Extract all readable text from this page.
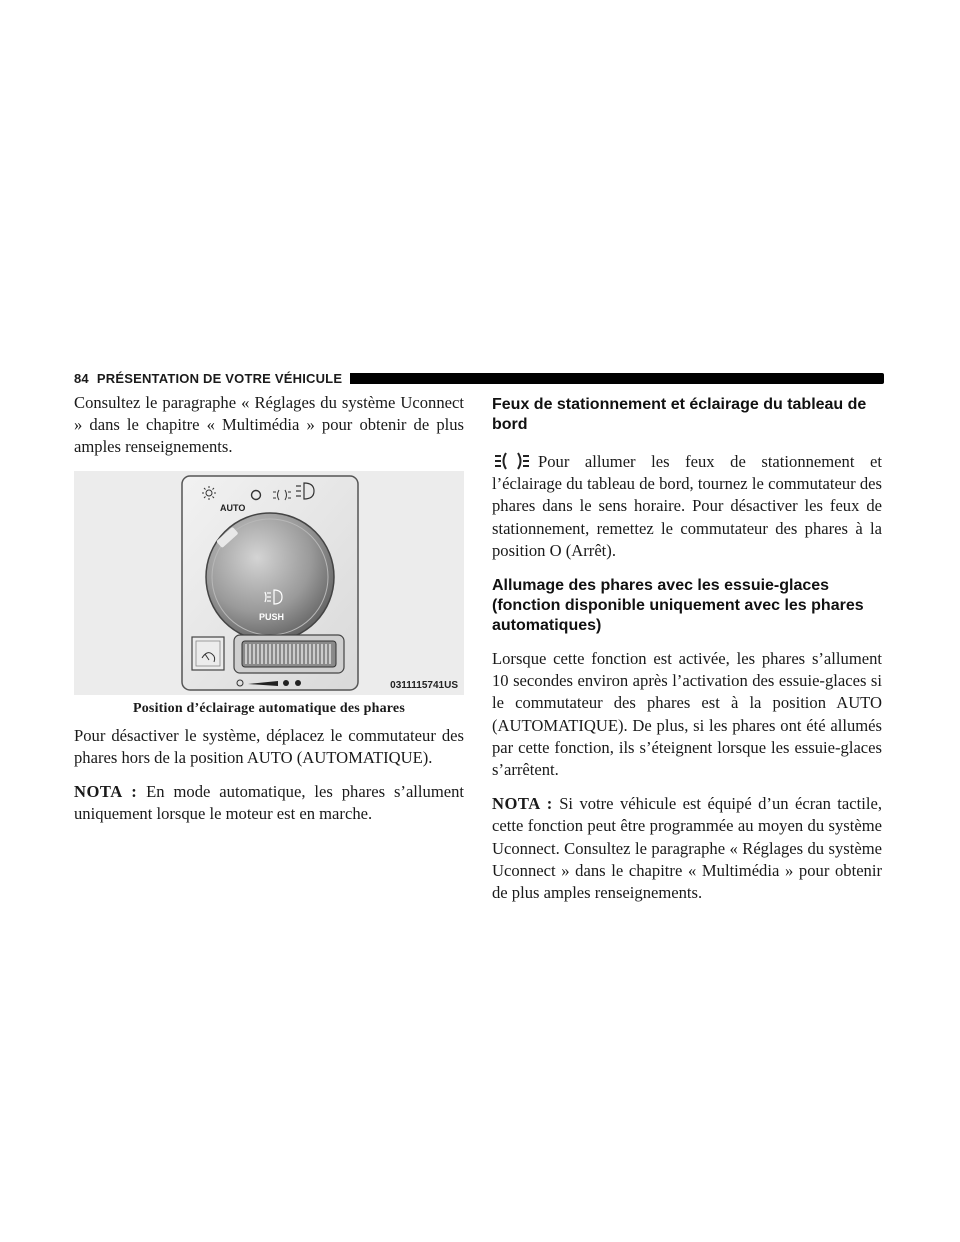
84 PRÉSENTATION DE VOTRE VÉHICULE

Consultez le paragraphe « Réglages du système Uconnect » dans le chapitre « Multimédia » pour obtenir de plus amples renseignements.

AUTO
PUSH
0311115741US
Position d’éclairage automatique des phares

Pour désactiver le système, déplacez le commutateur des phares hors de la position AUTO (AUTOMATIQUE).

NOTA : En mode automatique, les phares s’allument uniquement lorsque le moteur est en marche.

Feux de stationnement et éclairage du tableau de bord

Pour allumer les feux de stationnement et l’éclairage du tableau de bord, tournez le commutateur des phares dans le sens horaire. Pour désactiver les feux de stationnement, remettez le commutateur des phares à la position O (Arrêt).

Allumage des phares avec les essuie-glaces (fonction disponible uniquement avec les phares automatiques)

Lorsque cette fonction est activée, les phares s’allument 10 secondes environ après l’activation des essuie-glaces si le commutateur des phares est à la position AUTO (AUTOMATIQUE). De plus, si les phares ont été allumés par cette fonction, ils s’éteignent lorsque les essuie-glaces s’arrêtent.

NOTA : Si votre véhicule est équipé d’un écran tactile, cette fonction peut être programmée au moyen du système Uconnect. Consultez le paragraphe « Réglages du système Uconnect » dans le chapitre « Multimédia » pour obtenir de plus amples renseignements.
